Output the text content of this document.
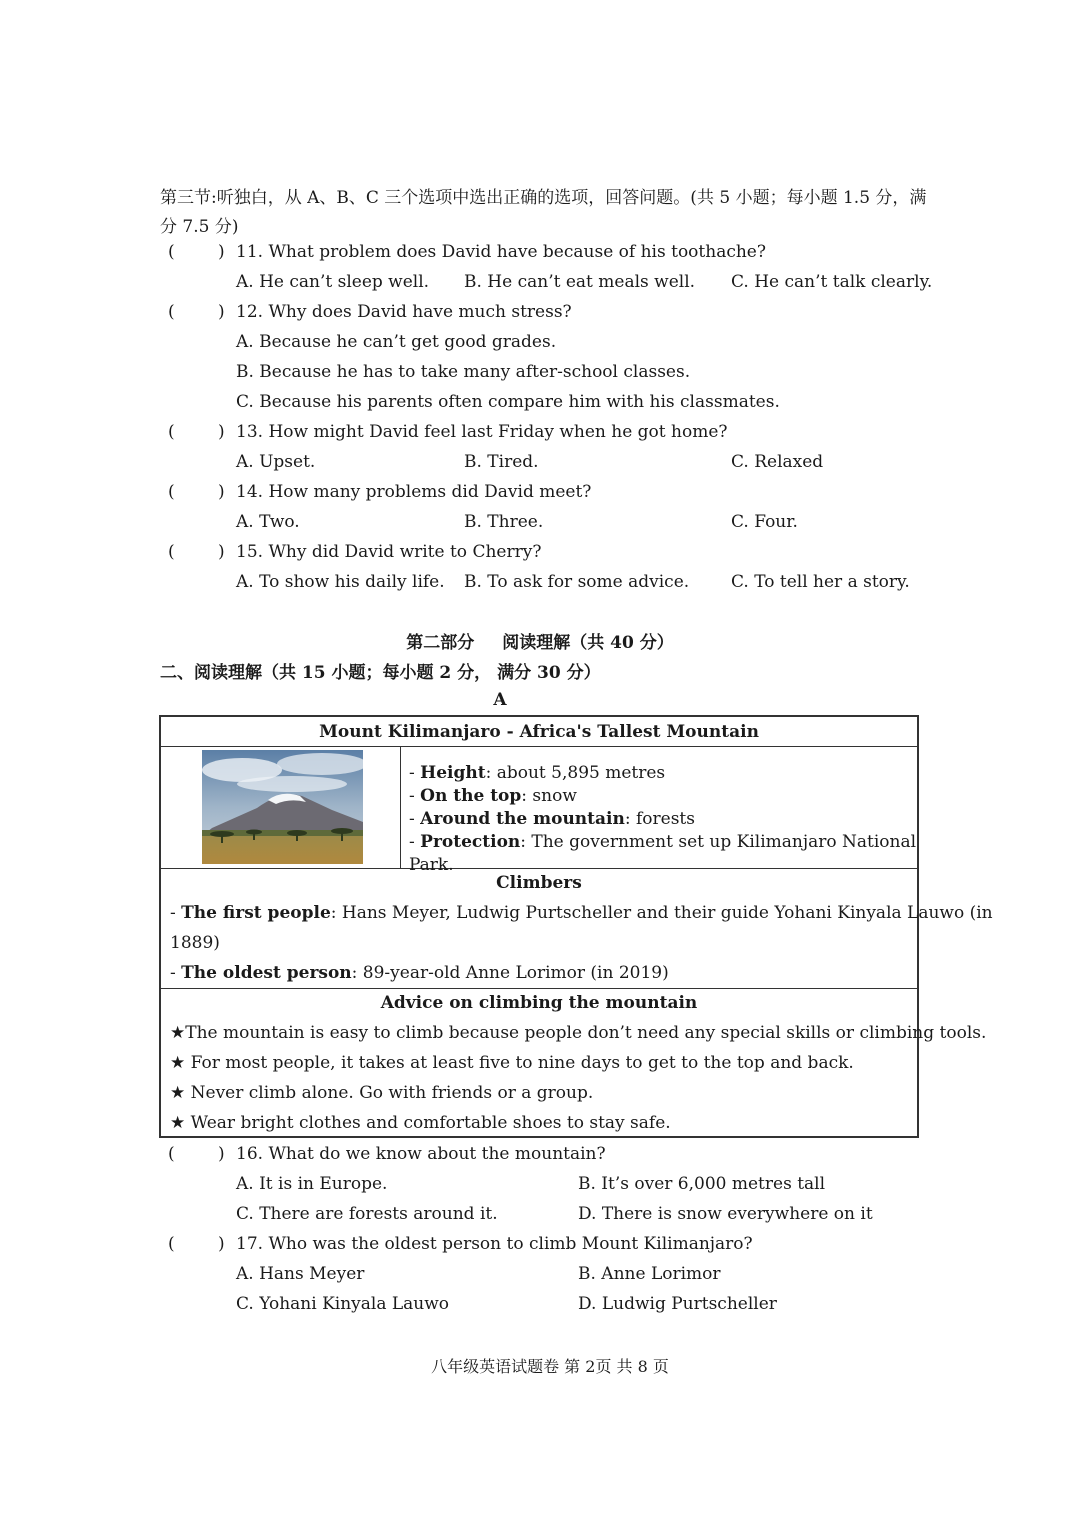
第三节:听独白，从 A、B、C 三个选项中选出正确的选项，回答问题。(共 5 小题；每小题 1.5 分，满分 7.5 分)
(	) 11. What problem does David have because of his toothache?
A. He can’t sleep well. B. He can’t eat meals well. C. He can’t talk clearly.
(	) 12. Why does David have much stress?
A. Because he can’t get good grades.
B. Because he has to take many after-school classes.
C. Because his parents often compare him with his classmates.
(	) 13. How might David feel last Friday when he got home?
A. Upset.	B. Tired.	C. Relaxed
(	) 14. How many problems did David meet?
A. Two.	B. Three.	C. Four.
(	) 15. Why did David write to Cherry?
A. To show his daily life. B. To ask for some advice. C. To tell her a story.
第二部分 阅读理解（共 40 分）
二、阅读理解（共 15 小题；每小题 2 分， 满分 30 分）
A
Mount Kilimanjaro - Africa's Tallest Mountain
- Height: about 5,895 metres
- On the top: snow
- Around the mountain: forests
- Protection: The government set up Kilimanjaro National Park.
Climbers
- The first people: Hans Meyer, Ludwig Purtscheller and their guide Yohani Kinyala Lauwo (in
1889)
- The oldest person: 89-year-old Anne Lorimor (in 2019)
Advice on climbing the mountain
★The mountain is easy to climb because people don’t need any special skills or climbing tools.
★ For most people, it takes at least five to nine days to get to the top and back.
★ Never climb alone. Go with friends or a group.
★ Wear bright clothes and comfortable shoes to stay safe.
(	) 16. What do we know about the mountain?
A. It is in Europe.	B. It’s over 6,000 metres tall
C. There are forests around it.	D. There is snow everywhere on it
(	) 17. Who was the oldest person to climb Mount Kilimanjaro?
A. Hans Meyer	B. Anne Lorimor
C. Yohani Kinyala Lauwo	D. Ludwig Purtscheller
八年级英语试题卷 第 2页 共 8 页
